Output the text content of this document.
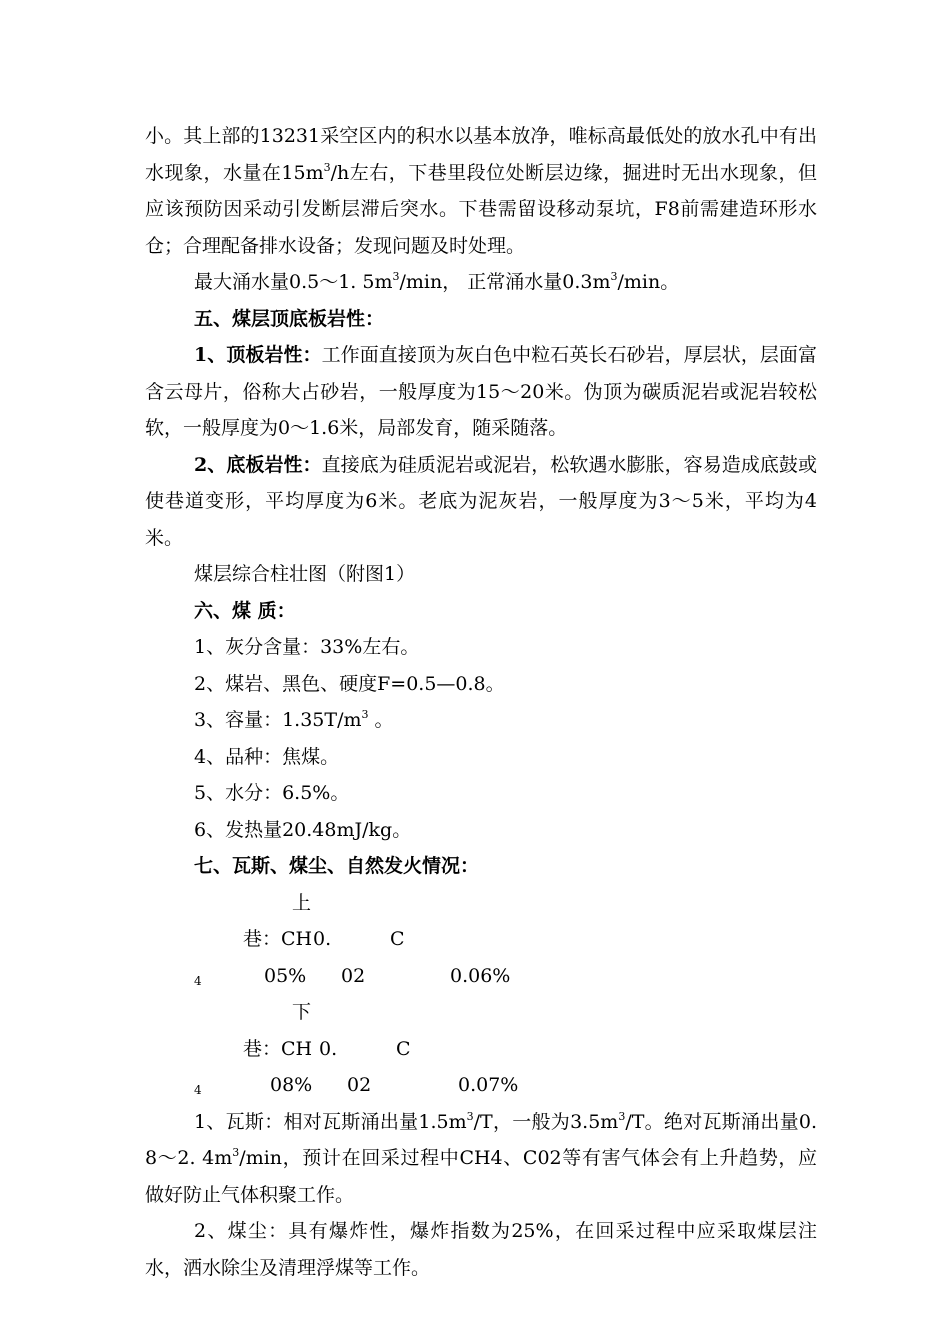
小。其上部的13231采空区内的积水以基本放净，唯标高最低处的放水孔中有出水现象，水量在$15m^3/h$左右，下巷里段位处断层边缘，掘进时无出水现象，但应该预防因采动引发断层滞后突水。下巷需留设移动泵坑，F8前需建造环形水仓；合理配备排水设备；发现问题及时处理。

最大涌水量0.5～1. $5m^3/\min$， 正常涌水量$0.3m^3/\min$。

五、煤层顶底板岩性：

1、顶板岩性：工作面直接顶为灰白色中粒石英长石砂岩，厚层状，层面富含云母片，俗称大占砂岩，一般厚度为15～20米。伪顶为碳质泥岩或泥岩较松软，一般厚度为0～1.6米，局部发育，随采随落。

2、底板岩性：直接底为硅质泥岩或泥岩，松软遇水膨胀，容易造成底鼓或使巷道变形，平均厚度为6米。老底为泥灰岩，一般厚度为3～5米，平均为4米。

煤层综合柱壮图（附图1）

六、煤 质：

1、灰分含量：33%左右。

2、煤岩、黑色、硬度F=0.5—0.8。

3、容量：$1.35T/m^3$ 。

4、品种：焦煤。

5、水分：6.5%。

6、发热量20.48mJ/kg。

七、瓦斯、煤尘、自然发火情况：

上巷：$CH_40.05\%C02$	0.06%

下巷：$CH_40.08\%C02$	0.07%

1、瓦斯：相对瓦斯涌出量$1.5m^3/T$，一般为$3.5m^3/T$。绝对瓦斯涌出量0.8～2. $4m^3/\min$，预计在回采过程中CH4、C02等有害气体会有上升趋势，应做好防止气体积聚工作。

2、煤尘：具有爆炸性，爆炸指数为25%，在回采过程中应采取煤层注水，洒水除尘及清理浮煤等工作。
